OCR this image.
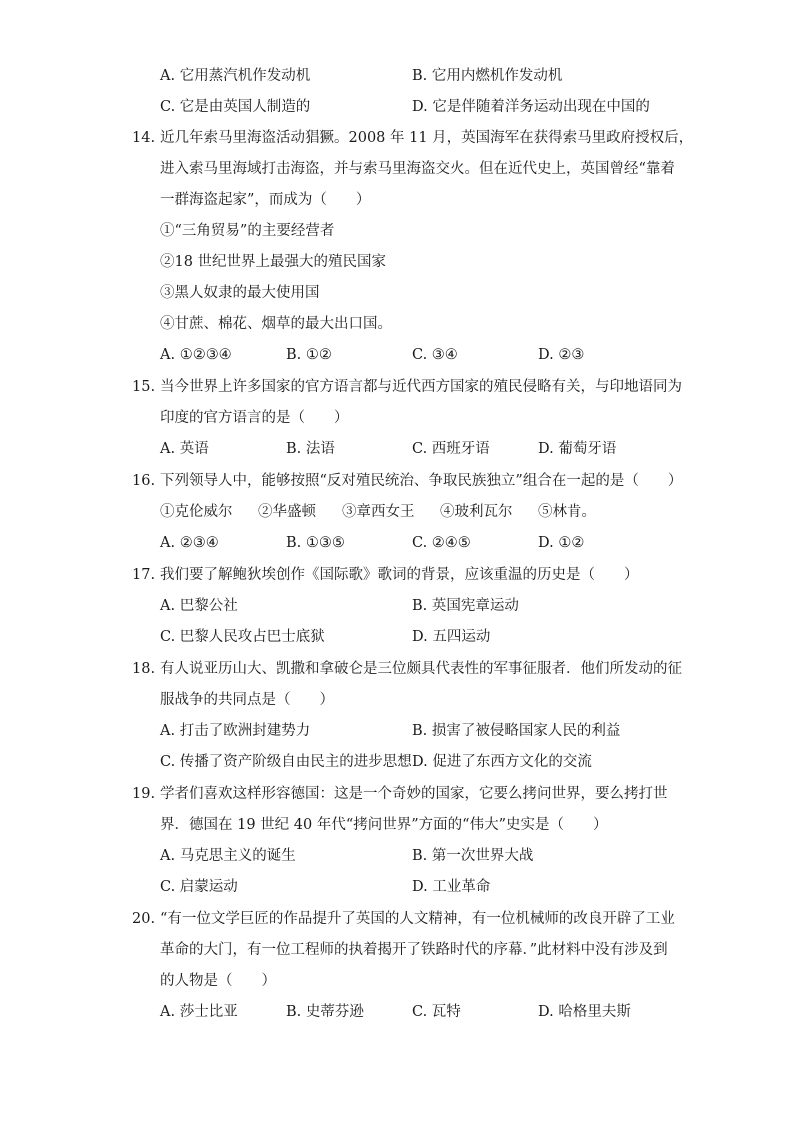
A. 它用蒸汽机作发动机	B. 它用内燃机作发动机
C. 它是由英国人制造的	D. 它是伴随着洋务运动出现在中国的
14. 近几年索马里海盗活动猖獗。2008 年 11 月，英国海军在获得索马里政府授权后，
进入索马里海域打击海盗，并与索马里海盗交火。但在近代史上，英国曾经“靠着
一群海盗起家”，而成为（　　）
①“三角贸易”的主要经营者
②18 世纪世界上最强大的殖民国家
③黑人奴隶的最大使用国
④甘蔗、棉花、烟草的最大出口国。
A. ①②③④	B. ①②	C. ③④	D. ②③
15. 当今世界上许多国家的官方语言都与近代西方国家的殖民侵略有关，与印地语同为
印度的官方语言的是（　　）
A. 英语	B. 法语	C. 西班牙语	D. 葡萄牙语
16. 下列领导人中，能够按照“反对殖民统治、争取民族独立”组合在一起的是（　　）
①克伦威尔 ②华盛顿 ③章西女王 ④玻利瓦尔 ⑤林肯。
A. ②③④	B. ①③⑤	C. ②④⑤	D. ①②
17. 我们要了解鲍狄埃创作《国际歌》歌词的背景，应该重温的历史是（　　）
A. 巴黎公社	B. 英国宪章运动
C. 巴黎人民攻占巴士底狱	D. 五四运动
18. 有人说亚历山大、凯撒和拿破仑是三位颇具代表性的军事征服者．他们所发动的征
服战争的共同点是（　　）
A. 打击了欧洲封建势力	B. 损害了被侵略国家人民的利益
C. 传播了资产阶级自由民主的进步思想 D. 促进了东西方文化的交流
19. 学者们喜欢这样形容德国：这是一个奇妙的国家，它要么拷问世界，要么拷打世
界．德国在 19 世纪 40 年代“拷问世界”方面的“伟大”史实是（　　）
A. 马克思主义的诞生	B. 第一次世界大战
C. 启蒙运动	D. 工业革命
20. “有一位文学巨匠的作品提升了英国的人文精神，有一位机械师的改良开辟了工业
革命的大门，有一位工程师的执着揭开了铁路时代的序幕．”此材料中没有涉及到
的人物是（　　）
A. 莎士比亚	B. 史蒂芬逊	C. 瓦特	D. 哈格里夫斯
